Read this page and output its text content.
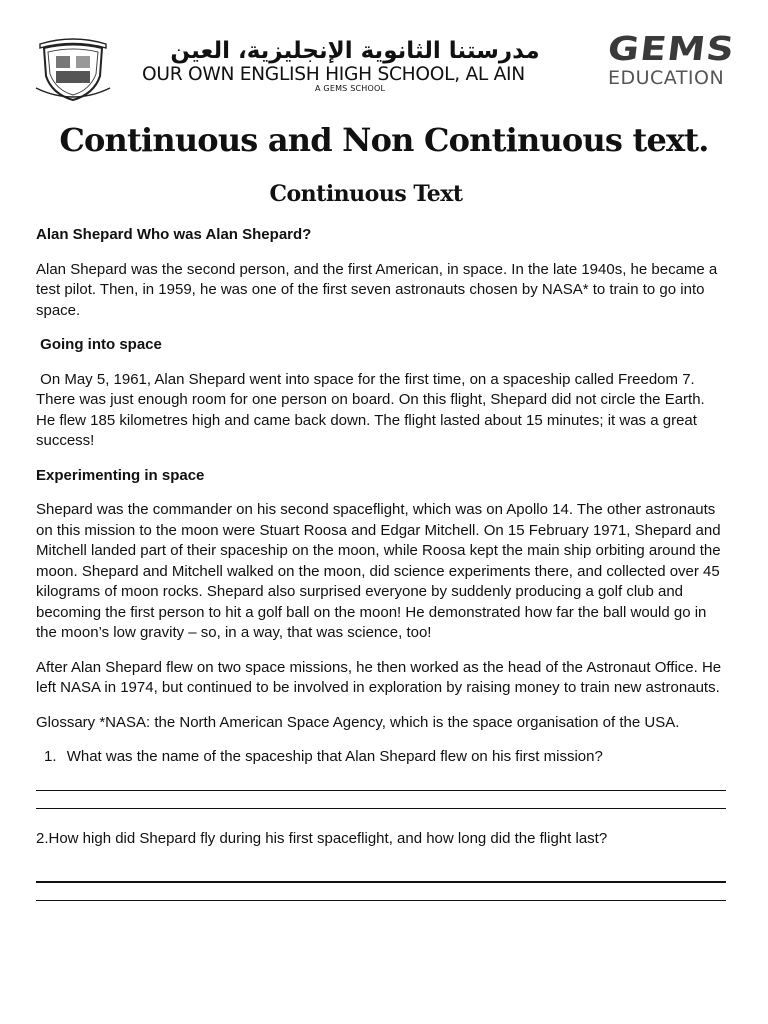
مدرستنا الثانوية الإنجليزية، العين
OUR OWN ENGLISH HIGH SCHOOL, AL AIN
A GEMS SCHOOL
GEMS
EDUCATION
Continuous and Non Continuous text.
Continuous Text

Alan Shepard Who was Alan Shepard?

Alan Shepard was the second person, and the first American, in space. In the late 1940s, he became a test pilot. Then, in 1959, he was one of the first seven astronauts chosen by NASA* to train to go into space.

Going into space

On May 5, 1961, Alan Shepard went into space for the first time, on a spaceship called Freedom 7. There was just enough room for one person on board. On this flight, Shepard did not circle the Earth. He flew 185 kilometres high and came back down. The flight lasted about 15 minutes; it was a great success!

Experimenting in space

Shepard was the commander on his second spaceflight, which was on Apollo 14. The other astronauts on this mission to the moon were Stuart Roosa and Edgar Mitchell. On 15 February 1971, Shepard and Mitchell landed part of their spaceship on the moon, while Roosa kept the main ship orbiting around the moon. Shepard and Mitchell walked on the moon, did science experiments there, and collected over 45 kilograms of moon rocks. Shepard also surprised everyone by suddenly producing a golf club and becoming the first person to hit a golf ball on the moon! He demonstrated how far the ball would go in the moon’s low gravity – so, in a way, that was science, too!

After Alan Shepard flew on two space missions, he then worked as the head of the Astronaut Office. He left NASA in 1974, but continued to be involved in exploration by raising money to train new astronauts.

Glossary *NASA: the North American Space Agency, which is the space organisation of the USA.

1. What was the name of the spaceship that Alan Shepard flew on his first mission?

2.How high did Shepard fly during his first spaceflight, and how long did the flight last?
